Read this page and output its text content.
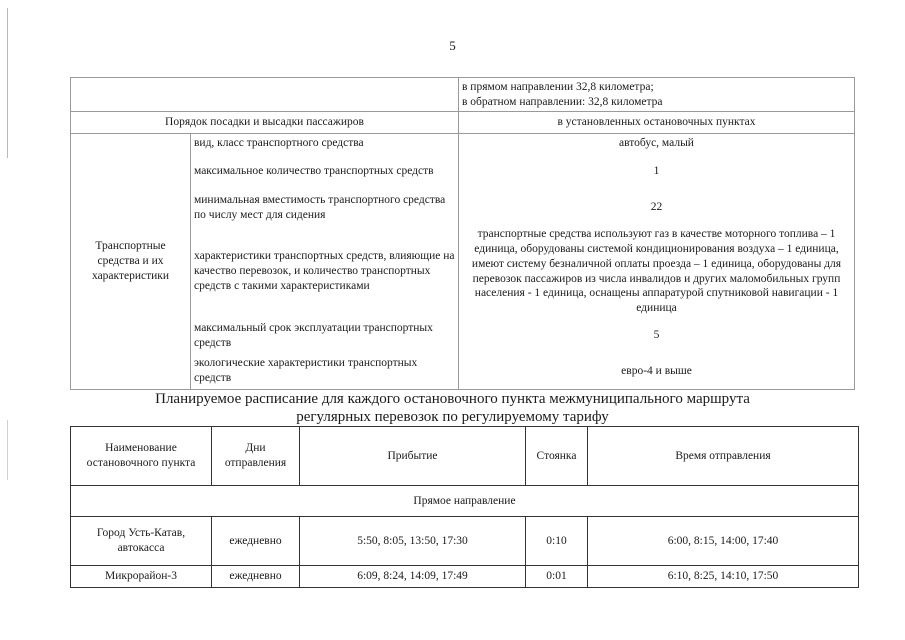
5

		в прямом направлении 32,8 километра;
в обратном направлении: 32,8 километра

Порядок посадки и высадки пассажиров		в установленных остановочных пунктах
Транспортные средства и их характеристики	вид, класс транспортного средства	автобус, малый
	максимальное количество транспортных средств	1
	минимальная вместимость транспортного средства по числу мест для сидения	22
	характеристики транспортных средств, влияющие на качество перевозок, и количество транспортных средств с такими характеристиками	транспортные средства используют газ в качестве моторного топлива – 1 единица, оборудованы системой кондиционирования воздуха – 1 единица, имеют систему безналичной оплаты проезда – 1 единица, оборудованы для перевозок пассажиров из числа инвалидов и других маломобильных групп населения - 1 единица, оснащены аппаратурой спутниковой навигации - 1 единица
	максимальный срок эксплуатации транспортных средств	5
	экологические характеристики транспортных средств	евро-4 и выше
Планируемое расписание для каждого остановочного пункта межмуниципального маршрута
регулярных перевозок по регулируемому тарифу
Наименование остановочного пункта	Дни отправления	Прибытие	Стоянка	Время отправления
Прямое направление				
Город Усть-Катав, автокасса	ежедневно	5:50, 8:05, 13:50, 17:30	0:10	6:00, 8:15, 14:00, 17:40
Микрорайон-3	ежедневно	6:09, 8:24, 14:09, 17:49	0:01	6:10, 8:25, 14:10, 17:50
